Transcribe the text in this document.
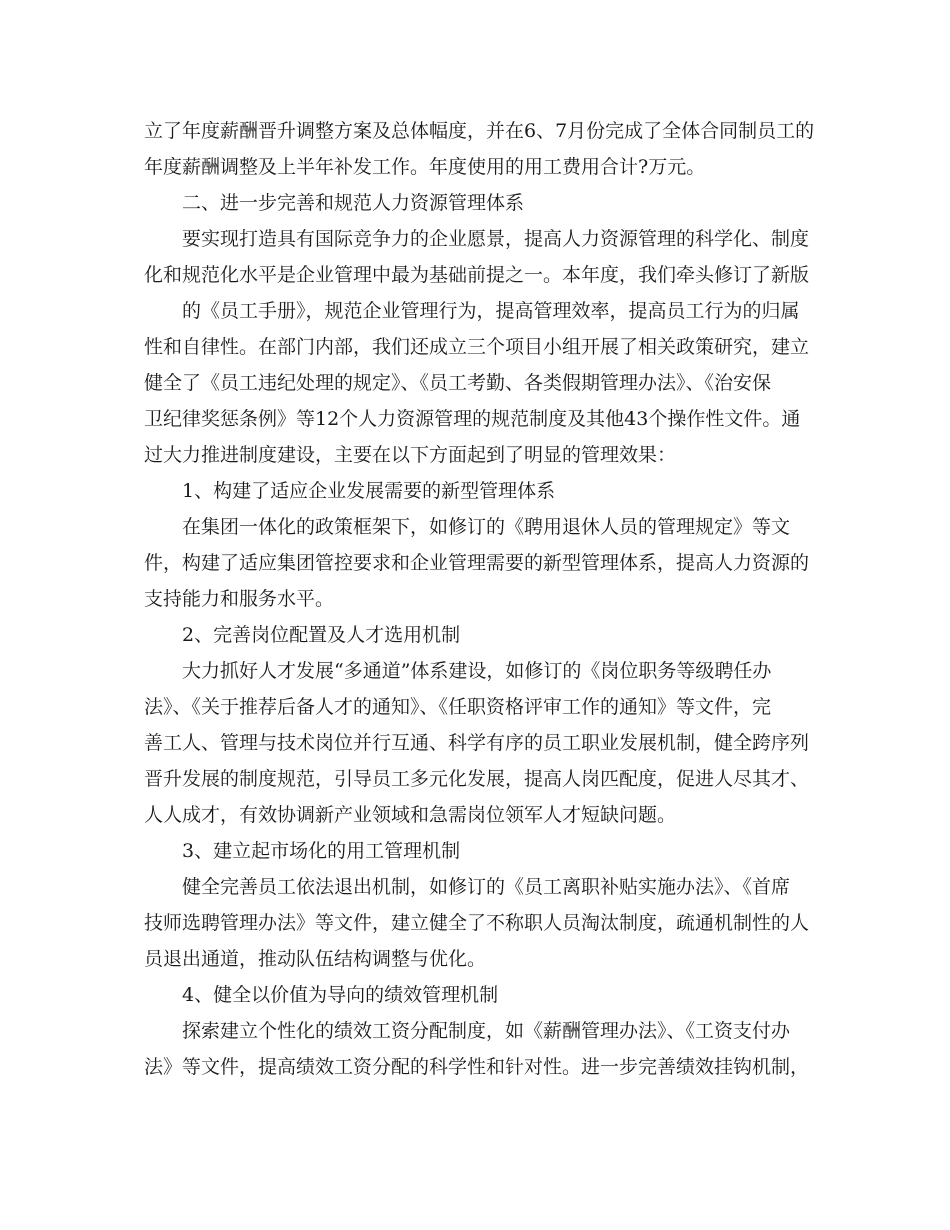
立了年度薪酬晋升调整方案及总体幅度，并在6、7月份完成了全体合同制员工的
年度薪酬调整及上半年补发工作。年度使用的用工费用合计?万元。
二、进一步完善和规范人力资源管理体系
要实现打造具有国际竞争力的企业愿景，提高人力资源管理的科学化、制度
化和规范化水平是企业管理中最为基础前提之一。本年度，我们牵头修订了新版
的《员工手册》，规范企业管理行为，提高管理效率，提高员工行为的归属
性和自律性。在部门内部，我们还成立三个项目小组开展了相关政策研究，建立
健全了《员工违纪处理的规定》、《员工考勤、各类假期管理办法》、《治安保
卫纪律奖惩条例》等12个人力资源管理的规范制度及其他43个操作性文件。通
过大力推进制度建设，主要在以下方面起到了明显的管理效果：
1、构建了适应企业发展需要的新型管理体系
在集团一体化的政策框架下，如修订的《聘用退休人员的管理规定》等文
件，构建了适应集团管控要求和企业管理需要的新型管理体系，提高人力资源的
支持能力和服务水平。
2、完善岗位配置及人才选用机制
大力抓好人才发展“多通道”体系建设，如修订的《岗位职务等级聘任办
法》、《关于推荐后备人才的通知》、《任职资格评审工作的通知》等文件，完
善工人、管理与技术岗位并行互通、科学有序的员工职业发展机制，健全跨序列
晋升发展的制度规范，引导员工多元化发展，提高人岗匹配度，促进人尽其才、
人人成才，有效协调新产业领域和急需岗位领军人才短缺问题。
3、建立起市场化的用工管理机制
健全完善员工依法退出机制，如修订的《员工离职补贴实施办法》、《首席
技师选聘管理办法》等文件，建立健全了不称职人员淘汰制度，疏通机制性的人
员退出通道，推动队伍结构调整与优化。
4、健全以价值为导向的绩效管理机制
探索建立个性化的绩效工资分配制度，如《薪酬管理办法》、《工资支付办
法》等文件，提高绩效工资分配的科学性和针对性。进一步完善绩效挂钩机制，
